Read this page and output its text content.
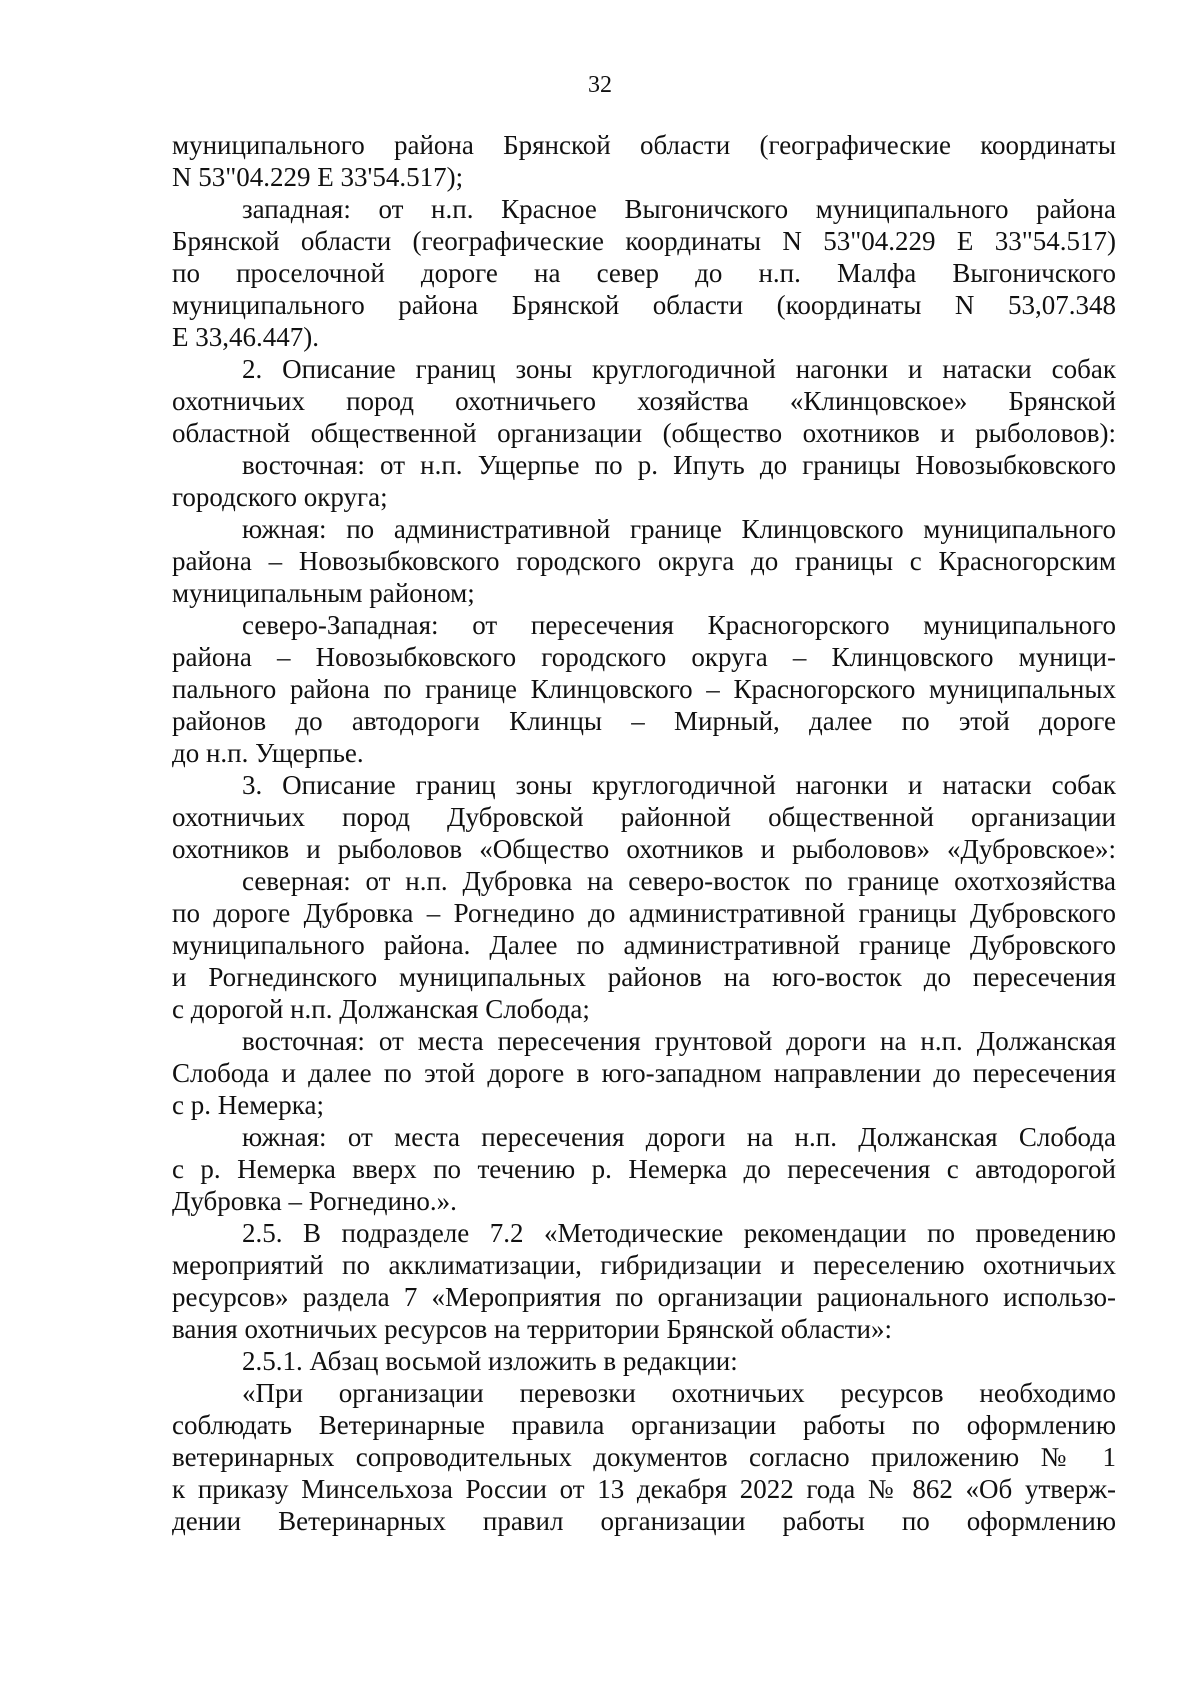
32
муниципального района Брянской области (географические координаты
N 53"04.229 E 33'54.517);
западная: от н.п. Красное Выгоничского муниципального района
Брянской области (географические координаты N 53"04.229 E 33"54.517)
по проселочной дороге на север до н.п. Малфа Выгоничского
муниципального района Брянской области (координаты N 53,07.348
E 33,46.447).
2. Описание границ зоны круглогодичной нагонки и натаски собак
охотничьих пород охотничьего хозяйства «Клинцовское» Брянской
областной общественной организации (общество охотников и рыболовов):
восточная: от н.п. Ущерпье по р. Ипуть до границы Новозыбковского
городского округа;
южная: по административной границе Клинцовского муниципального
района – Новозыбковского городского округа до границы с Красногорским
муниципальным районом;
северо-Западная: от пересечения Красногорского муниципального
района – Новозыбковского городского округа – Клинцовского муници-
пального района по границе Клинцовского – Красногорского муниципальных
районов до автодороги Клинцы – Мирный, далее по этой дороге
до н.п. Ущерпье.
3. Описание границ зоны круглогодичной нагонки и натаски собак
охотничьих пород Дубровской районной общественной организации
охотников и рыболовов «Общество охотников и рыболовов» «Дубровское»:
северная: от н.п. Дубровка на северо-восток по границе охотхозяйства
по дороге Дубровка – Рогнедино до административной границы Дубровского
муниципального района. Далее по административной границе Дубровского
и Рогнединского муниципальных районов на юго-восток до пересечения
с дорогой н.п. Должанская Слобода;
восточная: от места пересечения грунтовой дороги на н.п. Должанская
Слобода и далее по этой дороге в юго-западном направлении до пересечения
с р. Немерка;
южная: от места пересечения дороги на н.п. Должанская Слобода
с р. Немерка вверх по течению р. Немерка до пересечения с автодорогой
Дубровка – Рогнедино.».
2.5. В подразделе 7.2 «Методические рекомендации по проведению
мероприятий по акклиматизации, гибридизации и переселению охотничьих
ресурсов» раздела 7 «Мероприятия по организации рационального использо-
вания охотничьих ресурсов на территории Брянской области»:
2.5.1. Абзац восьмой изложить в редакции:
«При организации перевозки охотничьих ресурсов необходимо
соблюдать Ветеринарные правила организации работы по оформлению
ветеринарных сопроводительных документов согласно приложению № 1
к приказу Минсельхоза России от 13 декабря 2022 года № 862 «Об утверж-
дении Ветеринарных правил организации работы по оформлению
